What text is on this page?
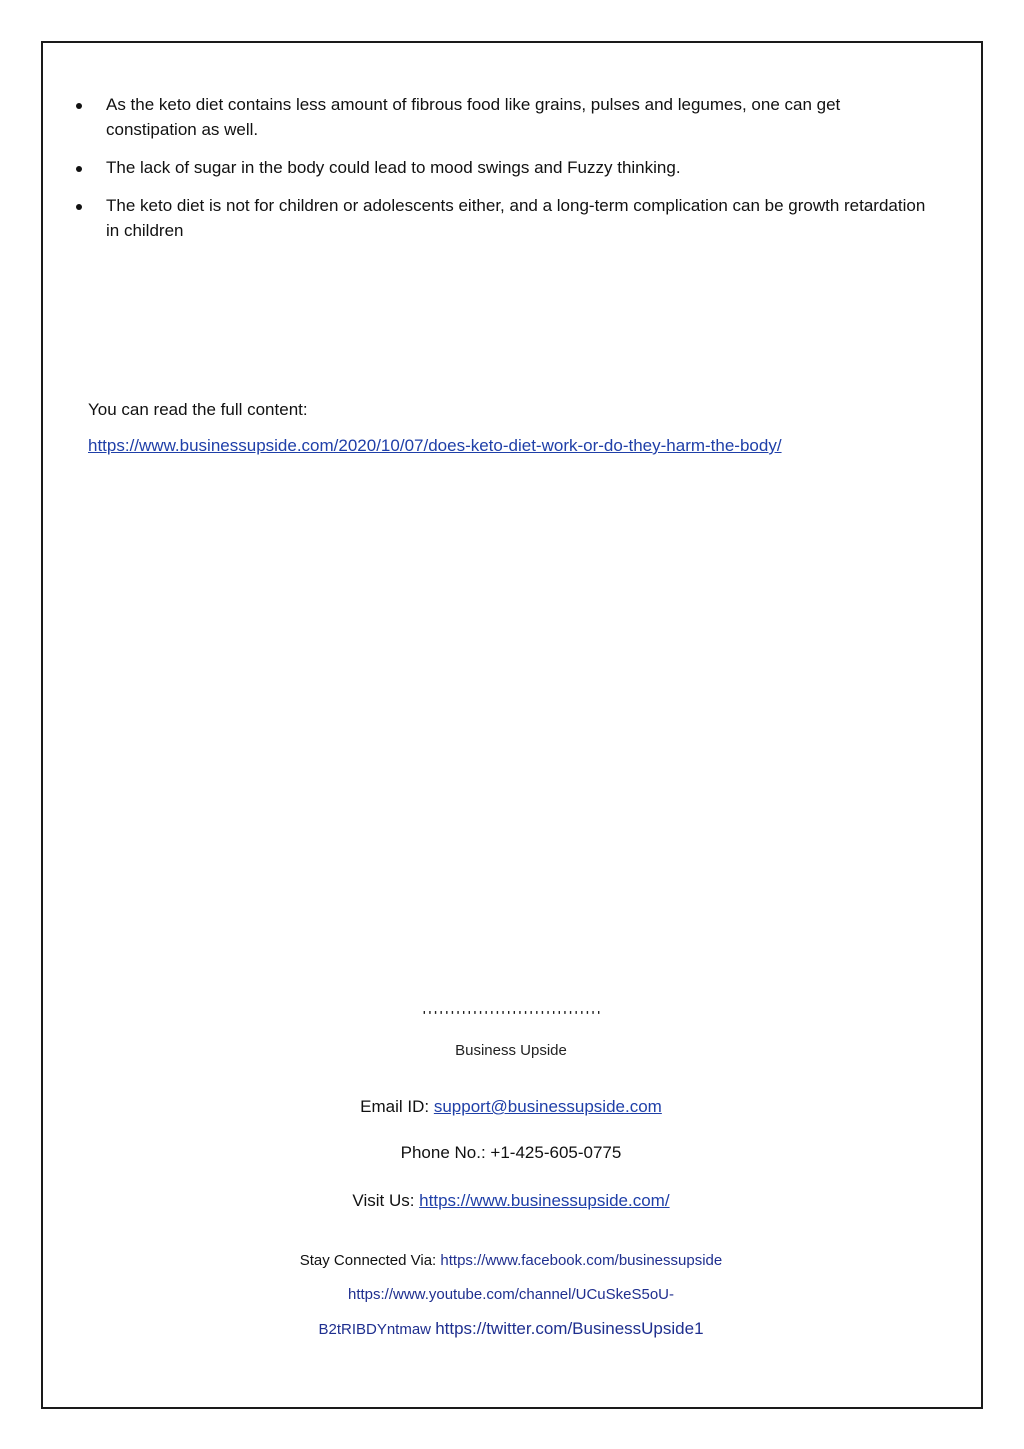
As the keto diet contains less amount of fibrous food like grains, pulses and legumes, one can get constipation as well.
The lack of sugar in the body could lead to mood swings and Fuzzy thinking.
The keto diet is not for children or adolescents either, and a long-term complication can be growth retardation in children
You can read the full content:
https://www.businessupside.com/2020/10/07/does-keto-diet-work-or-do-they-harm-the-body/
''''''''''''''''''''''''''''''''
Business Upside
Email ID: support@businessupside.com
Phone No.: +1-425-605-0775
Visit Us: https://www.businessupside.com/
Stay Connected Via: https://www.facebook.com/businessupside
https://www.youtube.com/channel/UCuSkeS5oU-
B2tRIBDYntmaw https://twitter.com/BusinessUpside1
